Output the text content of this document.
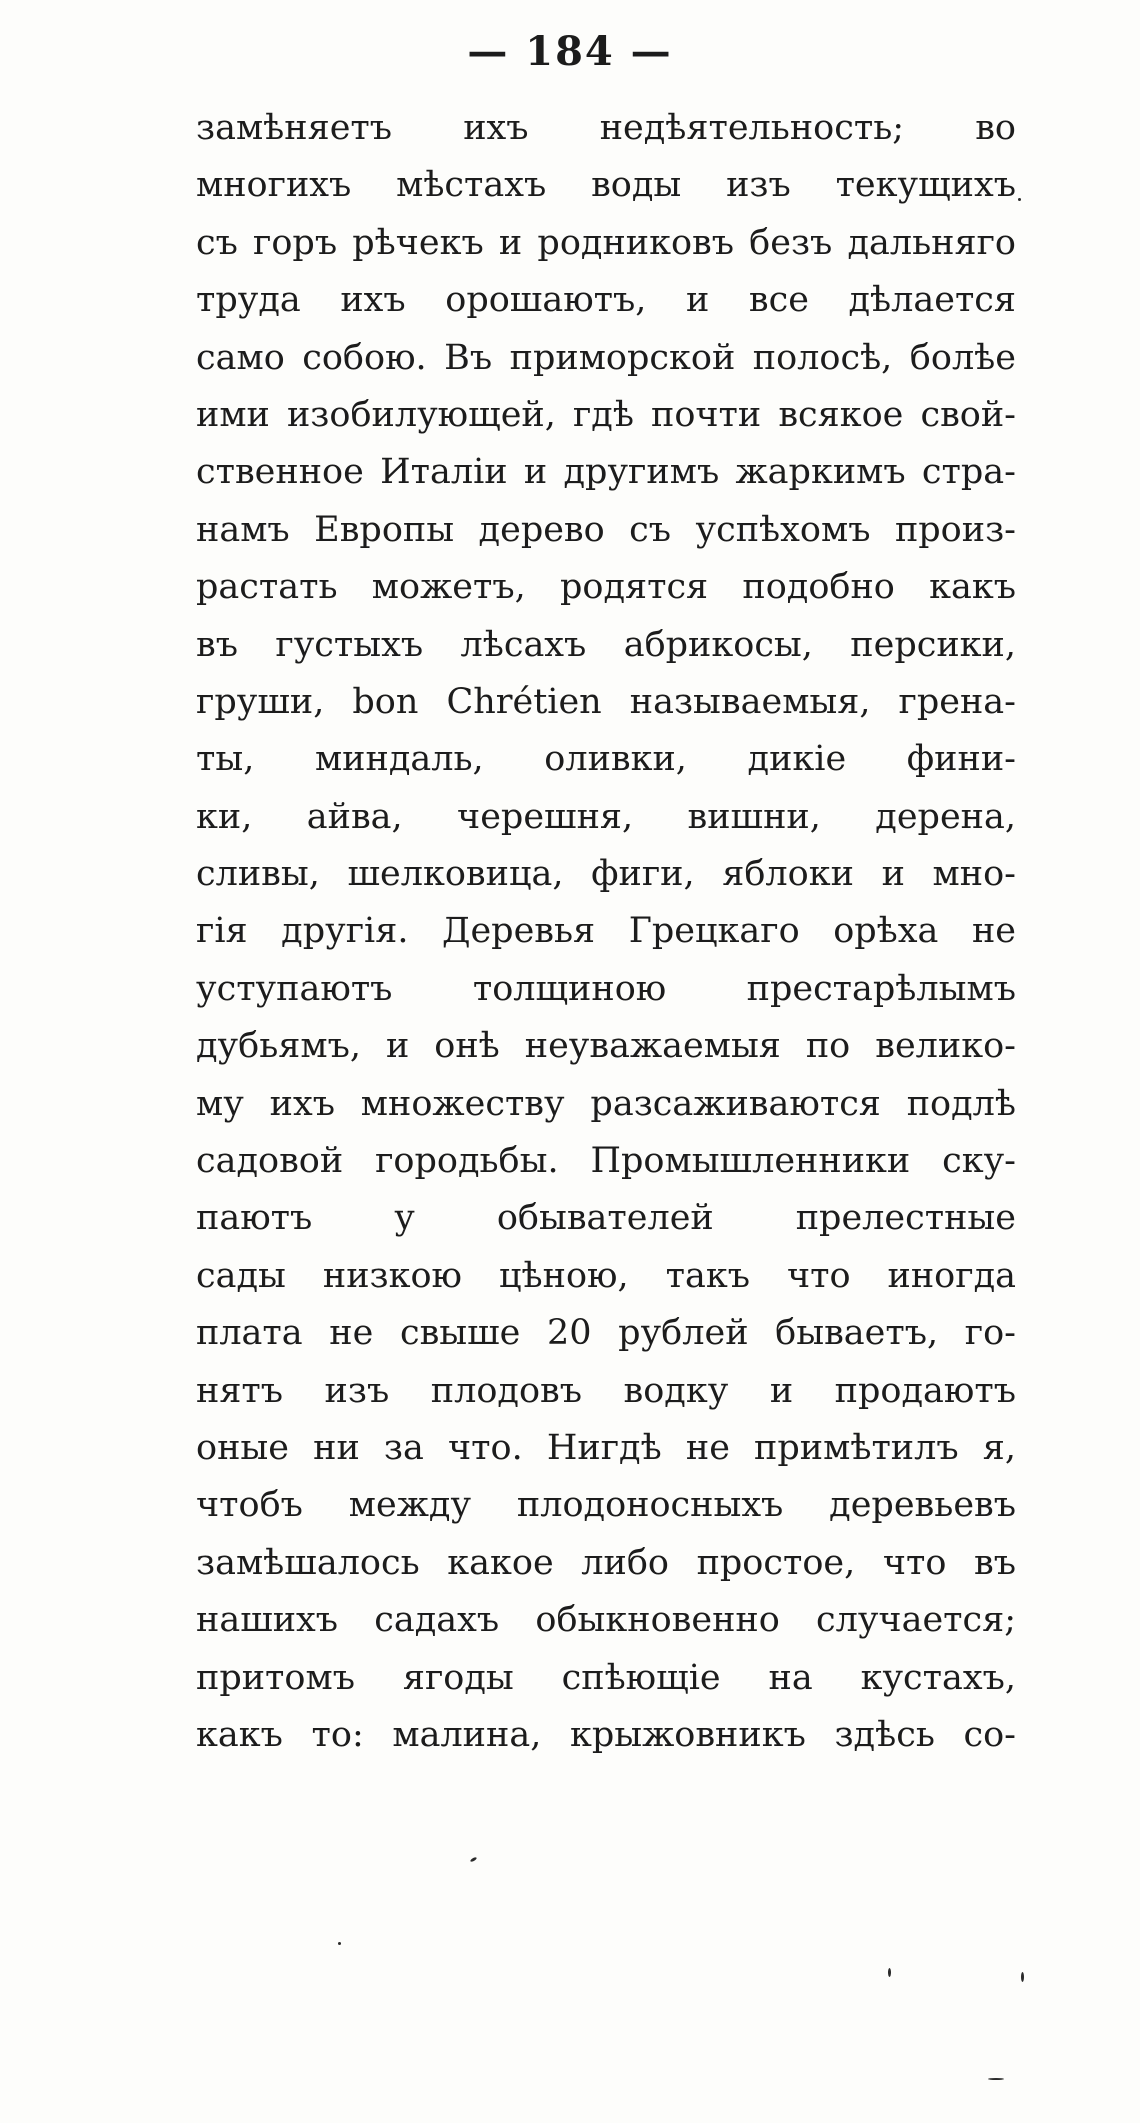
— 184 —
замѣняетъ ихъ недѣятельность; во
многихъ мѣстахъ воды изъ текущихъ
съ горъ рѣчекъ и родниковъ безъ дальняго
труда ихъ орошаютъ, и все дѣлается
само собою. Въ приморской полосѣ, болѣе
ими изобилующей, гдѣ почти всякое свой-
ственное Италіи и другимъ жаркимъ стра-
намъ Европы дерево съ успѣхомъ произ-
растать можетъ, родятся подобно какъ
въ густыхъ лѣсахъ абрикосы, персики,
груши, bon Chrétien называемыя, грена-
ты, миндаль, оливки, дикіе фини-
ки, айва, черешня, вишни, дерена,
сливы, шелковица, фиги, яблоки и мно-
гія другія. Деревья Грецкаго орѣха не
уступаютъ толщиною престарѣлымъ
дубьямъ, и онѣ неуважаемыя по велико-
му ихъ множеству разсаживаются подлѣ
садовой городьбы. Промышленники ску-
паютъ у обывателей прелестные
сады низкою цѣною, такъ что иногда
плата не свыше 20 рублей бываетъ, го-
нятъ изъ плодовъ водку и продаютъ
оные ни за что. Нигдѣ не примѣтилъ я,
чтобъ между плодоносныхъ деревьевъ
замѣшалось какое либо простое, что въ
нашихъ садахъ обыкновенно случается;
притомъ ягоды спѣющіе на кустахъ,
какъ то: малина, крыжовникъ здѣсь со-
